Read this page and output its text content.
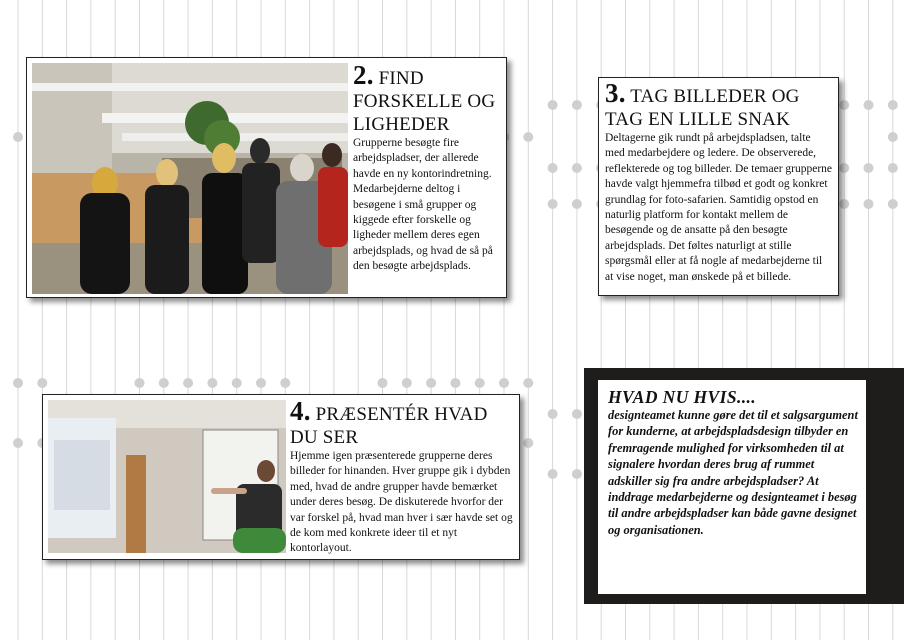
2. FIND FORSKELLE OG LIGHEDER

Grupperne besøgte fire arbejdspladser, der allerede havde en ny kontorindretning. Medarbejderne deltog i besøgene i små grupper og kiggede efter forskelle og ligheder mellem deres egen arbejdsplads, og hvad de så på den besøgte arbejdsplads.

3. TAG BILLEDER OG TAG EN LILLE SNAK

Deltagerne gik rundt på arbejdspladsen, talte med medarbejdere og ledere. De observerede, reflekterede og tog billeder. De temaer grupperne havde valgt hjemmefra tilbød et godt og konkret grundlag for foto-safarien. Samtidig opstod en naturlig platform for kontakt mellem de besøgende og de ansatte på den besøgte arbejdsplads. Det føltes naturligt at stille spørgsmål eller at få nogle af medarbejderne til at vise noget, man ønskede på et billede.

4. PRÆSENTÉR HVAD DU SER

Hjemme igen præsenterede grupperne deres billeder for hinanden. Hver gruppe gik i dybden med, hvad de andre grupper havde bemærket under deres besøg. De diskuterede hvorfor der var forskel på, hvad man hver i sær havde set og de kom med konkrete ideer til et nyt kontorlayout.

HVAD NU HVIS....

designteamet kunne gøre det til et salgsargument for kunderne, at arbejdspladsdesign tilbyder en fremragende mulighed for virksomheden til at signalere hvordan deres brug af rummet adskiller sig fra andre arbejdspladser? At inddrage medarbejderne og designteamet i besøg til andre arbejdspladser kan både gavne designet og organisationen.
